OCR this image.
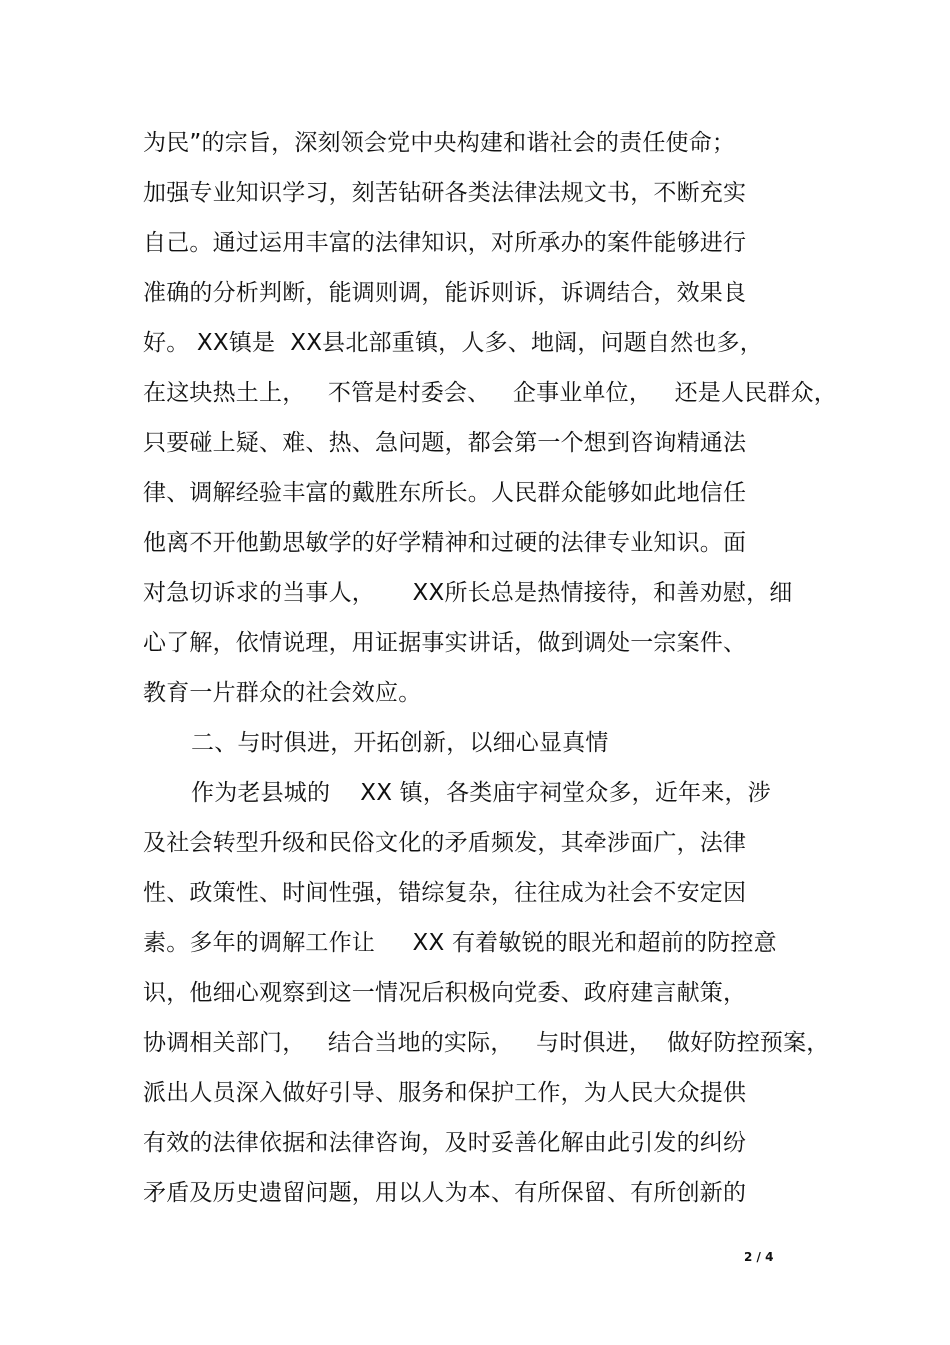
为民”的宗旨，深刻领会党中央构建和谐社会的责任使命；
加强专业知识学习，刻苦钻研各类法律法规文书，不断充实
自己。通过运用丰富的法律知识，对所承办的案件能够进行
准确的分析判断，能调则调，能诉则诉，诉调结合，效果良
好。 XX镇是  XX县北部重镇，人多、地阔，问题自然也多，
在这块热土上，   不管是村委会、   企事业单位，   还是人民群众，
只要碰上疑、难、热、急问题，都会第一个想到咨询精通法
律、调解经验丰富的戴胜东所长。人民群众能够如此地信任
他离不开他勤思敏学的好学精神和过硬的法律专业知识。面
对急切诉求的当事人，     XX所长总是热情接待，和善劝慰，细
心了解，依情说理，用证据事实讲话，做到调处一宗案件、
教育一片群众的社会效应。
二、与时俱进，开拓创新，以细心显真情
作为老县城的    XX 镇，各类庙宇祠堂众多，近年来，涉
及社会转型升级和民俗文化的矛盾频发，其牵涉面广，法律
性、政策性、时间性强，错综复杂，往往成为社会不安定因
素。多年的调解工作让     XX 有着敏锐的眼光和超前的防控意
识，他细心观察到这一情况后积极向党委、政府建言献策，
协调相关部门，   结合当地的实际，   与时俱进，  做好防控预案，
派出人员深入做好引导、服务和保护工作，为人民大众提供
有效的法律依据和法律咨询，及时妥善化解由此引发的纠纷
矛盾及历史遗留问题，用以人为本、有所保留、有所创新的
2 / 4
